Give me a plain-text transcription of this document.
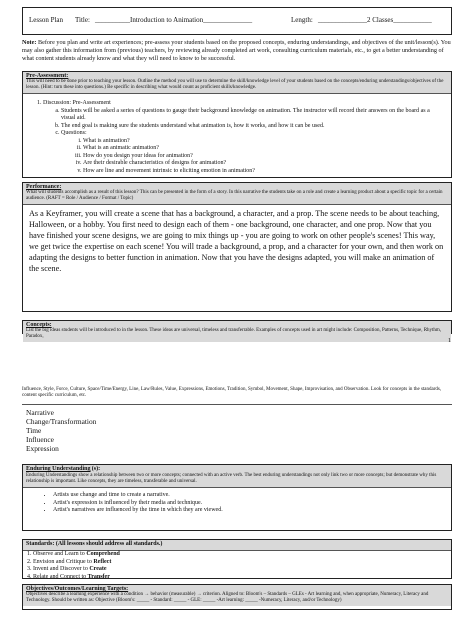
Lesson Plan Title: __________Introduction to Animation______________	Length: ______________2 Classes___________
Note: Before you plan and write art experiences; pre-assess your students based on the proposed concepts, enduring understandings, and objectives of the unit/lesson(s). You may also gather this information from (previous) teachers, by reviewing already completed art work, consulting curriculum materials, etc., to get a better understanding of what content students already know and what they will need to know to be successful.
Pre-Assessment:
This will need to be done prior to teaching your lesson. Outline the method you will use to determine the skill/knowledge level of your students based on the concepts/enduring understandings/objectives of the lesson. (Hint: turn these into questions.) Be specific in describing what would count as proficient skills/knowledge.
1. Discussion: Pre-Assessment
a. Students will be asked a series of questions to gauge their background knowledge on animation. The instructor will record their answers on the board as a visual aid.
b. The end goal is making sure the students understand what animation is, how it works, and how it can be used.
c. Questions:
i. What is animation?
ii. What is an animatic animation?
iii. How do you design your ideas for animation?
iv. Are their desirable characteristics of designs for animation?
v. How are line and movement intrinsic to eliciting emotion in animation?
Performance:
What will students accomplish as a result of this lesson? This can be presented in the form of a story. In this narrative the students take on a role and create a learning product about a specific topic for a certain audience. (RAFT = Role / Audience / Format / Topic)
As a Keyframer, you will create a scene that has a background, a character, and a prop. The scene needs to be about teaching, Halloween, or a hobby. You first need to design each of them - one background, one character, and one prop. Now that you have finished your scene designs, we are going to mix things up - you are going to work on other people's scenes! This way, we get twice the expertise on each scene! You will trade a background, a prop, and a character for your own, and then work on adapting the designs to better function in animation. Now that you have the designs adapted, you will make an animation of the scene.
Concepts:
List the big ideas students will be introduced to in the lesson. These ideas are universal, timeless and transferrable. Examples of concepts used in art might include: Composition, Patterns, Technique, Rhythm, Paradox,
1
Influence, Style, Force, Culture, Space/Time/Energy, Line, Law/Rules, Value, Expressions, Emotions, Tradition, Symbol, Movement, Shape, Improvisation, and Observation. Look for concepts in the standards, content specific curriculum, etc.
Narrative
Change/Transformation
Time
Influence
Expression
Enduring Understanding (s):
Enduring Understandings show a relationship between two or more concepts; connected with an active verb. The best enduring understandings not only link two or more concepts; but demonstrate why this relationship is important. Like concepts, they are timeless, transferable and universal.
• Artists use change and time to create a narrative.
• Artist's expression is influenced by their media and technique.
• Artist's narratives are influenced by the time in which they are viewed.
Standards: (All lessons should address all standards.)
1. Observe and Learn to Comprehend
2. Envision and Critique to Reflect
3. Invent and Discover to Create
4. Relate and Connect to Transfer
Objectives/Outcomes/Learning Targets:
Objectives describe a learning experience with a condition → behavior (measurable) → criterion. Aligned to: Bloom's – Standards – GLEs - Art learning and, when appropriate, Numeracy, Literacy and
Technology. Should be written as: Objective (Bloom's: _____ - Standard: _____ - GLE: _____ -Art learning: _____ -Numeracy, Literacy, and/or Technology)
